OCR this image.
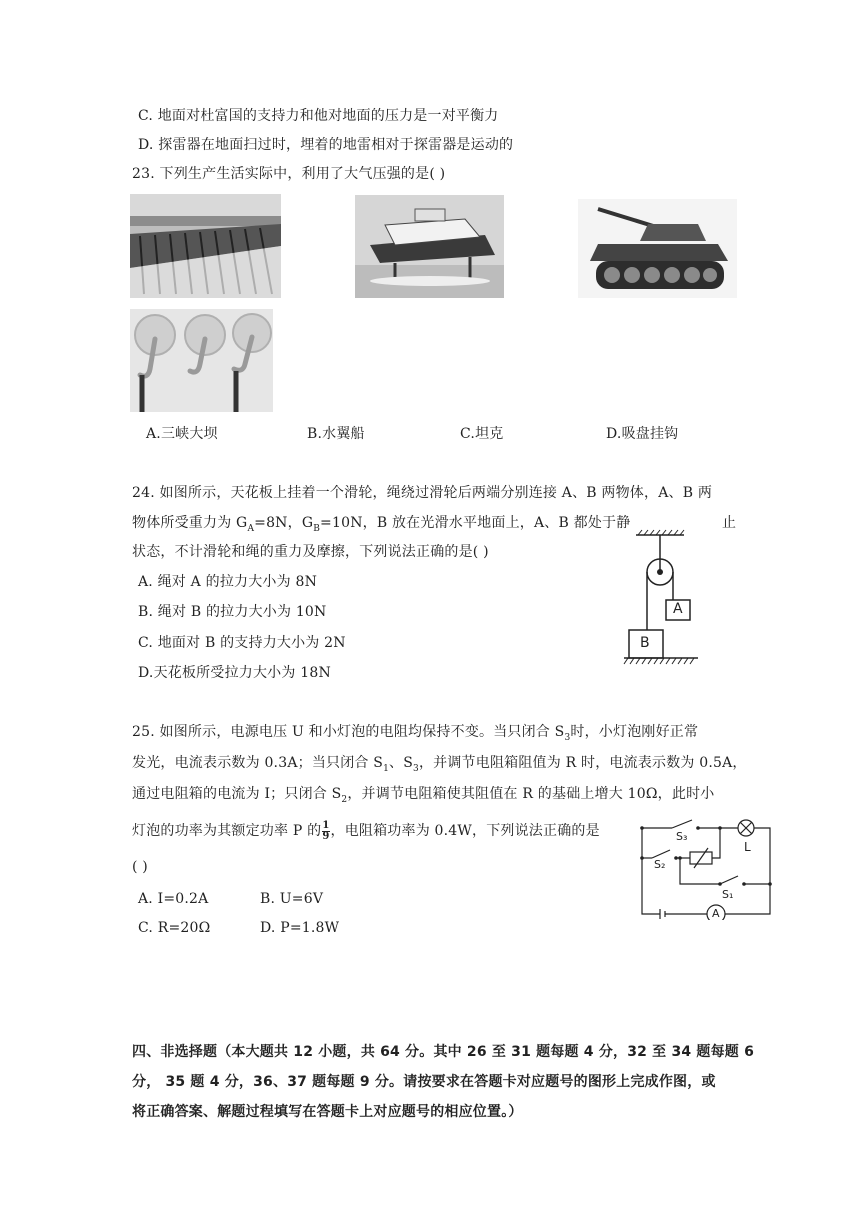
C. 地面对杜富国的支持力和他对地面的压力是一对平衡力
D. 探雷器在地面扫过时，埋着的地雷相对于探雷器是运动的
23. 下列生产生活实际中，利用了大气压强的是( )
A.三峡大坝	B.水翼船	C.坦克	D.吸盘挂钩
24. 如图所示，天花板上挂着一个滑轮，绳绕过滑轮后两端分别连接 A、B 两物体，A、B 两
物体所受重力为 $G_A=8N$，$G_B=10N$，B 放在光滑水平地面上，A、B 都处于静	止
状态，不计滑轮和绳的重力及摩擦，下列说法正确的是( )
A. 绳对 A 的拉力大小为 8N
B. 绳对 B 的拉力大小为 10N
C. 地面对 B 的支持力大小为 2N
D.天花板所受拉力大小为 18N
A
B
25. 如图所示，电源电压 U 和小灯泡的电阻均保持不变。当只闭合 $S_3$时，小灯泡刚好正常
发光，电流表示数为 0.3A；当只闭合 $S_1$、$S_3$，并调节电阻箱阻值为 R 时，电流表示数为 0.5A，
通过电阻箱的电流为 I；只闭合 $S_2$，并调节电阻箱使其阻值在 R 的基础上增大 10Ω，此时小
灯泡的功率为其额定功率 P 的 $\frac{1}{9}$ ，电阻箱功率为 0.4W，下列说法正确的是
( )
A. I=0.2A	B. U=6V
C. R=20Ω	D. P=1.8W
S₃
S₂
S₁
L
A
四、非选择题（本大题共 12 小题，共 64 分。其中 26 至 31 题每题 4 分，32 至 34 题每题 6
分， 35 题 4 分，36、37 题每题 9 分。请按要求在答题卡对应题号的图形上完成作图，或
将正确答案、解题过程填写在答题卡上对应题号的相应位置。）
